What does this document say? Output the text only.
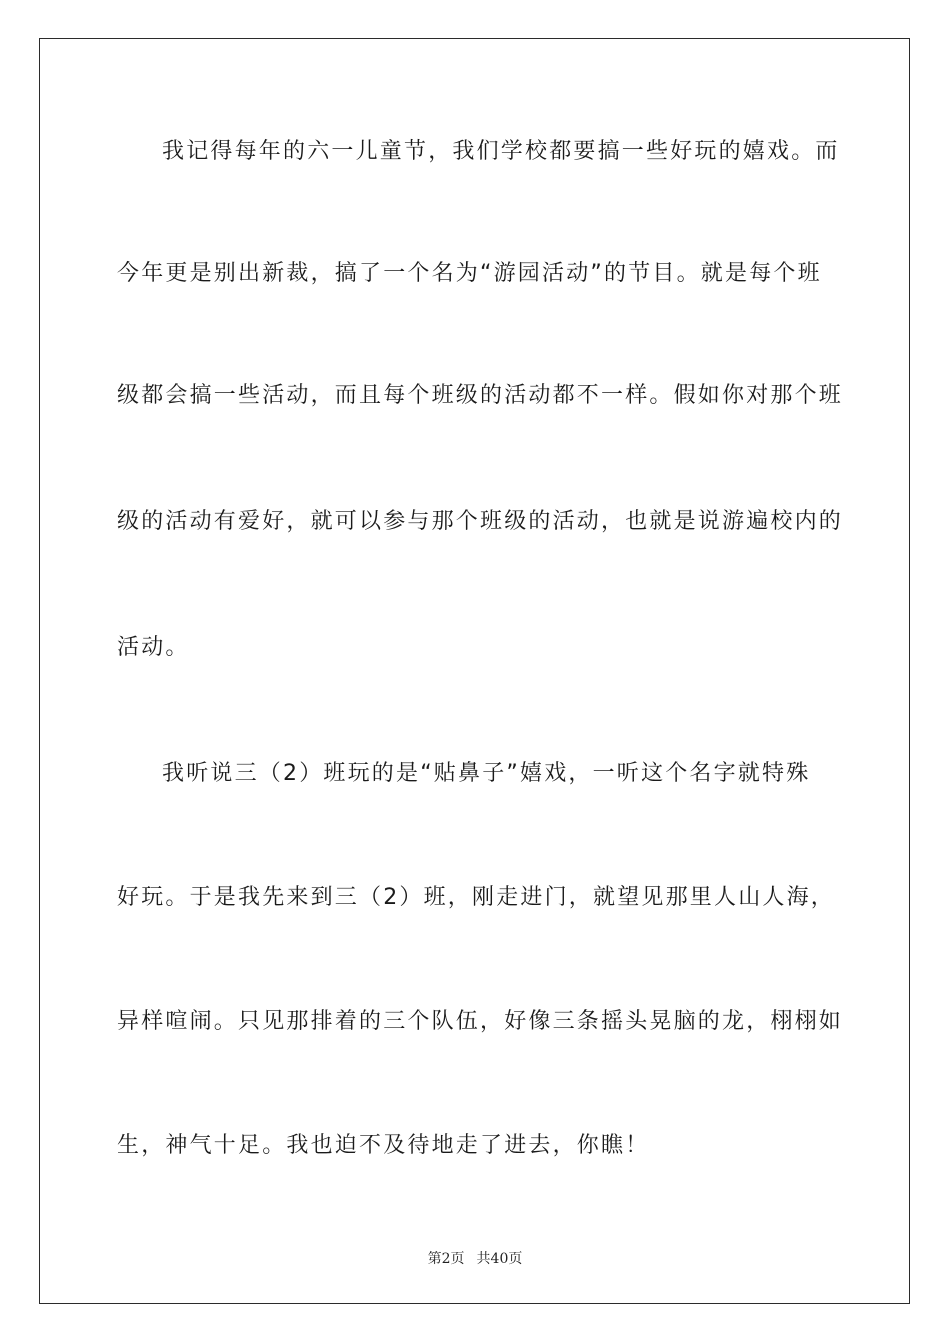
我记得每年的六一儿童节，我们学校都要搞一些好玩的嬉戏。而
今年更是别出新裁，搞了一个名为“游园活动”的节目。就是每个班
级都会搞一些活动，而且每个班级的活动都不一样。假如你对那个班
级的活动有爱好，就可以参与那个班级的活动，也就是说游遍校内的
活动。
我听说三（2）班玩的是“贴鼻子”嬉戏，一听这个名字就特殊
好玩。于是我先来到三（2）班，刚走进门，就望见那里人山人海，
异样喧闹。只见那排着的三个队伍，好像三条摇头晃脑的龙，栩栩如
生，神气十足。我也迫不及待地走了进去，你瞧！
第2页 共40页
